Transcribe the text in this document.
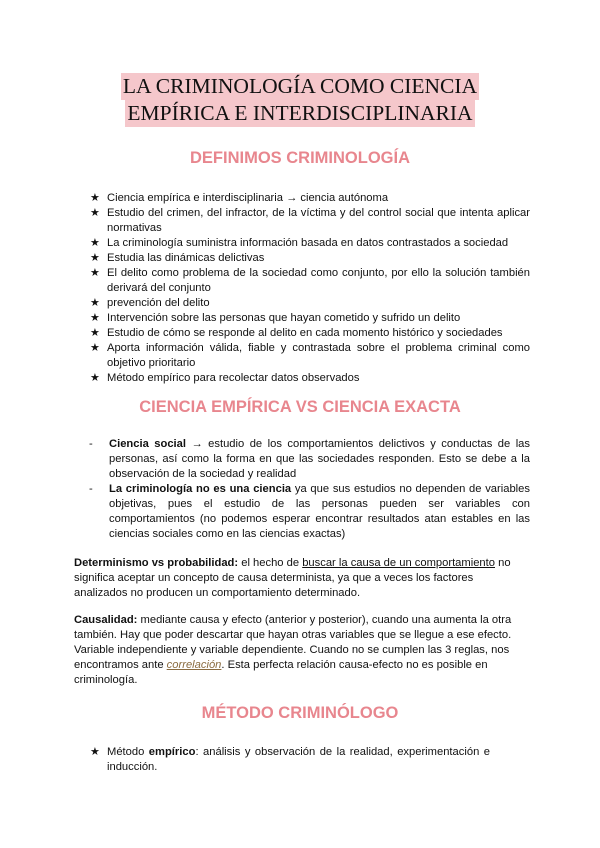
LA CRIMINOLOGÍA COMO CIENCIA
EMPÍRICA E INTERDISCIPLINARIA
DEFINIMOS CRIMINOLOGÍA
★ Ciencia empírica e interdisciplinaria → ciencia autónoma
★ Estudio del crimen, del infractor, de la víctima y del control social que intenta aplicar normativas
★ La criminología suministra información basada en datos contrastados a sociedad
★ Estudia las dinámicas delictivas
★ El delito como problema de la sociedad como conjunto, por ello la solución también derivará del conjunto
★ prevención del delito
★ Intervención sobre las personas que hayan cometido y sufrido un delito
★ Estudio de cómo se responde al delito en cada momento histórico y sociedades
★ Aporta información válida, fiable y contrastada sobre el problema criminal como objetivo prioritario
★ Método empírico para recolectar datos observados
CIENCIA EMPÍRICA VS CIENCIA EXACTA
- Ciencia social → estudio de los comportamientos delictivos y conductas de las personas, así como la forma en que las sociedades responden. Esto se debe a la observación de la sociedad y realidad
- La criminología no es una ciencia ya que sus estudios no dependen de variables objetivas, pues el estudio de las personas pueden ser variables con comportamientos (no podemos esperar encontrar resultados atan estables en las ciencias sociales como en las ciencias exactas)

Determinismo vs probabilidad: el hecho de buscar la causa de un comportamiento no significa aceptar un concepto de causa determinista, ya que a veces los factores analizados no producen un comportamiento determinado.

Causalidad: mediante causa y efecto (anterior y posterior), cuando una aumenta la otra también. Hay que poder descartar que hayan otras variables que se llegue a ese efecto. Variable independiente y variable dependiente. Cuando no se cumplen las 3 reglas, nos encontramos ante correlación. Esta perfecta relación causa-efecto no es posible en criminología.

MÉTODO CRIMINÓLOGO
★ Método empírico: análisis y observación de la realidad, experimentación e inducción.
